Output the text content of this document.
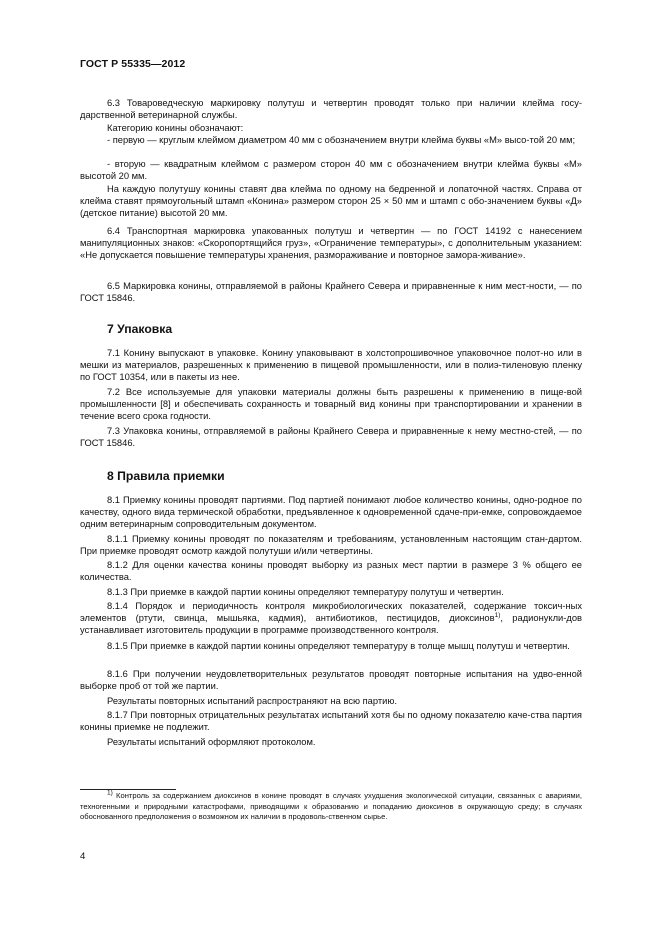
ГОСТ Р 55335—2012
6.3 Товароведческую маркировку полутуш и четвертин проводят только при наличии клейма госу-дарственной ветеринарной службы.
Категорию конины обозначают:
- первую — круглым клеймом диаметром 40 мм с обозначением внутри клейма буквы «М» высо-той 20 мм;
- вторую — квадратным клеймом с размером сторон 40 мм с обозначением внутри клейма буквы «М» высотой 20 мм.
На каждую полутушу конины ставят два клейма по одному на бедренной и лопаточной частях. Справа от клейма ставят прямоугольный штамп «Конина» размером сторон 25 × 50 мм и штамп с обо-значением буквы «Д» (детское питание) высотой 20 мм.
6.4 Транспортная маркировка упакованных полутуш и четвертин — по ГОСТ 14192 с нанесением манипуляционных знаков: «Скоропортящийся груз», «Ограничение температуры», с дополнительным указанием: «Не допускается повышение температуры хранения, размораживание и повторное замора-живание».
6.5 Маркировка конины, отправляемой в районы Крайнего Севера и приравненные к ним мест-ности, — по ГОСТ 15846.
7 Упаковка
7.1 Конину выпускают в упаковке. Конину упаковывают в холстопрошивочное упаковочное полот-но или в мешки из материалов, разрешенных к применению в пищевой промышленности, или в полиэ-тиленовую пленку по ГОСТ 10354, или в пакеты из нее.
7.2 Все используемые для упаковки материалы должны быть разрешены к применению в пище-вой промышленности [8] и обеспечивать сохранность и товарный вид конины при транспортировании и хранении в течение всего срока годности.
7.3 Упаковка конины, отправляемой в районы Крайнего Севера и приравненные к нему местно-стей, — по ГОСТ 15846.
8 Правила приемки
8.1 Приемку конины проводят партиями. Под партией понимают любое количество конины, одно-родное по качеству, одного вида термической обработки, предъявленное к одновременной сдаче-при-емке, сопровождаемое одним ветеринарным сопроводительным документом.
8.1.1 Приемку конины проводят по показателям и требованиям, установленным настоящим стан-дартом. При приемке проводят осмотр каждой полутуши и/или четвертины.
8.1.2 Для оценки качества конины проводят выборку из разных мест партии в размере 3 % общего ее количества.
8.1.3 При приемке в каждой партии конины определяют температуру полутуш и четвертин.
8.1.4 Порядок и периодичность контроля микробиологических показателей, содержание токсич-ных элементов (ртути, свинца, мышьяка, кадмия), антибиотиков, пестицидов, диоксинов$^{1)}$, радионукли-дов устанавливает изготовитель продукции в программе производственного контроля.
8.1.5 При приемке в каждой партии конины определяют температуру в толще мышц полутуш и четвертин.
8.1.6 При получении неудовлетворительных результатов проводят повторные испытания на удво-енной выборке проб от той же партии.
Результаты повторных испытаний распространяют на всю партию.
8.1.7 При повторных отрицательных результатах испытаний хотя бы по одному показателю каче-ства партия конины приемке не подлежит.
Результаты испытаний оформляют протоколом.
$^{1)}$ Контроль за содержанием диоксинов в конине проводят в случаях ухудшения экологической ситуации, связанных с авариями, техногенными и природными катастрофами, приводящими к образованию и попаданию диоксинов в окружающую среду; в случаях обоснованного предположения о возможном их наличии в продоволь-ственном сырье.
4
